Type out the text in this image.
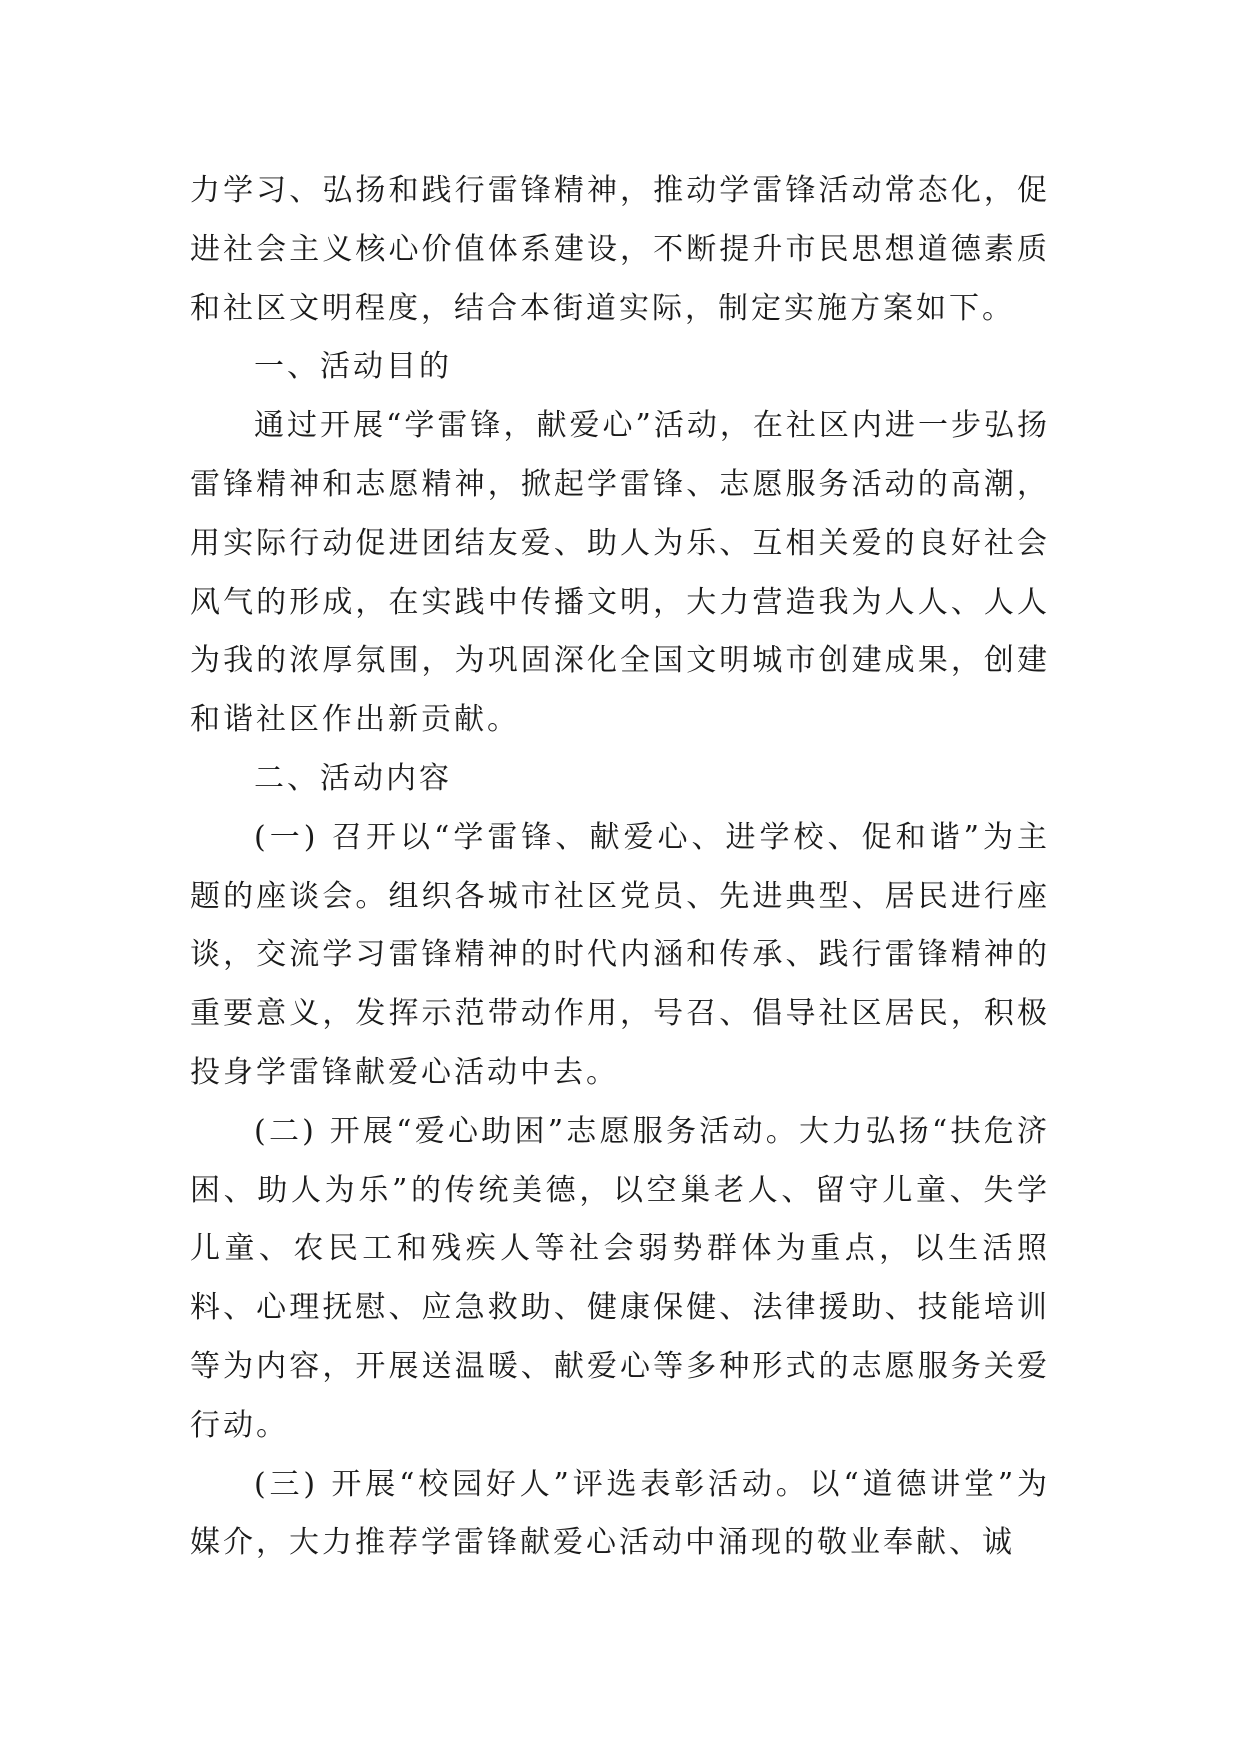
力学习、弘扬和践行雷锋精神，推动学雷锋活动常态化，促进社会主义核心价值体系建设，不断提升市民思想道德素质和社区文明程度，结合本街道实际，制定实施方案如下。

一、活动目的

通过开展“学雷锋，献爱心”活动，在社区内进一步弘扬雷锋精神和志愿精神，掀起学雷锋、志愿服务活动的高潮，用实际行动促进团结友爱、助人为乐、互相关爱的良好社会风气的形成，在实践中传播文明，大力营造我为人人、人人为我的浓厚氛围，为巩固深化全国文明城市创建成果，创建和谐社区作出新贡献。

二、活动内容

(一) 召开以“学雷锋、献爱心、进学校、促和谐”为主题的座谈会。组织各城市社区党员、先进典型、居民进行座谈，交流学习雷锋精神的时代内涵和传承、践行雷锋精神的重要意义，发挥示范带动作用，号召、倡导社区居民，积极投身学雷锋献爱心活动中去。

(二) 开展“爱心助困”志愿服务活动。大力弘扬“扶危济困、助人为乐”的传统美德，以空巢老人、留守儿童、失学儿童、农民工和残疾人等社会弱势群体为重点，以生活照料、心理抚慰、应急救助、健康保健、法律援助、技能培训等为内容，开展送温暖、献爱心等多种形式的志愿服务关爱行动。

(三) 开展“校园好人”评选表彰活动。以“道德讲堂”为媒介，大力推荐学雷锋献爱心活动中涌现的敬业奉献、诚
